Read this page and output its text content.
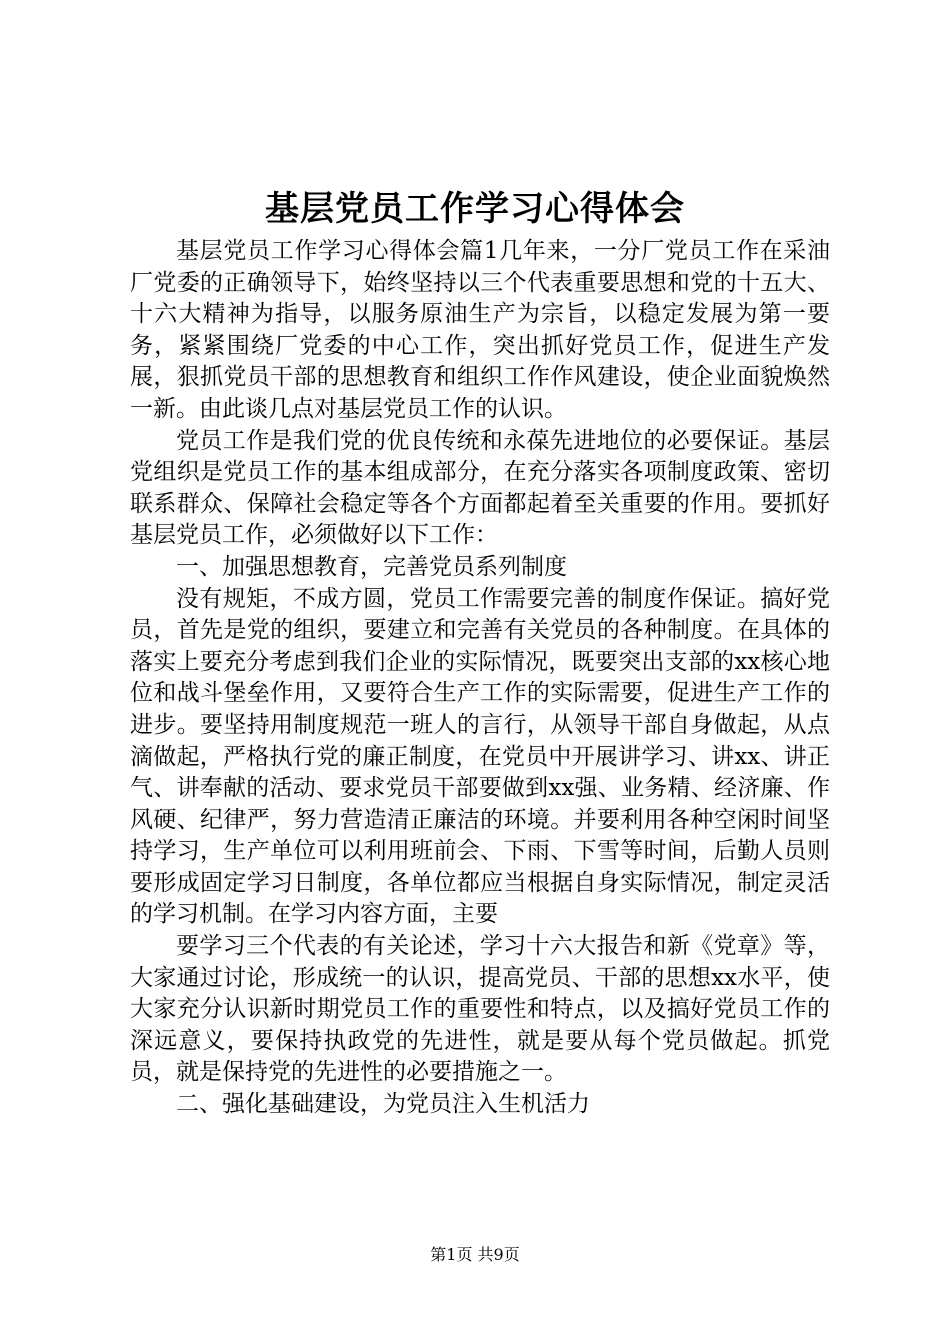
基层党员工作学习心得体会

基层党员工作学习心得体会篇1几年来，一分厂党员工作在采油厂党委的正确领导下，始终坚持以三个代表重要思想和党的十五大、十六大精神为指导，以服务原油生产为宗旨，以稳定发展为第一要务，紧紧围绕厂党委的中心工作，突出抓好党员工作，促进生产发展，狠抓党员干部的思想教育和组织工作作风建设，使企业面貌焕然一新。由此谈几点对基层党员工作的认识。

党员工作是我们党的优良传统和永葆先进地位的必要保证。基层党组织是党员工作的基本组成部分，在充分落实各项制度政策、密切联系群众、保障社会稳定等各个方面都起着至关重要的作用。要抓好基层党员工作，必须做好以下工作：

一、加强思想教育，完善党员系列制度

没有规矩，不成方圆，党员工作需要完善的制度作保证。搞好党员，首先是党的组织，要建立和完善有关党员的各种制度。在具体的落实上要充分考虑到我们企业的实际情况，既要突出支部的xx核心地位和战斗堡垒作用，又要符合生产工作的实际需要，促进生产工作的进步。要坚持用制度规范一班人的言行，从领导干部自身做起，从点滴做起，严格执行党的廉正制度，在党员中开展讲学习、讲xx、讲正气、讲奉献的活动、要求党员干部要做到xx强、业务精、经济廉、作风硬、纪律严，努力营造清正廉洁的环境。并要利用各种空闲时间坚持学习，生产单位可以利用班前会、下雨、下雪等时间，后勤人员则要形成固定学习日制度，各单位都应当根据自身实际情况，制定灵活的学习机制。在学习内容方面，主要

要学习三个代表的有关论述，学习十六大报告和新《党章》等，大家通过讨论，形成统一的认识，提高党员、干部的思想xx水平，使大家充分认识新时期党员工作的重要性和特点，以及搞好党员工作的深远意义，要保持执政党的先进性，就是要从每个党员做起。抓党员，就是保持党的先进性的必要措施之一。

二、强化基础建设，为党员注入生机活力

第1页 共9页
